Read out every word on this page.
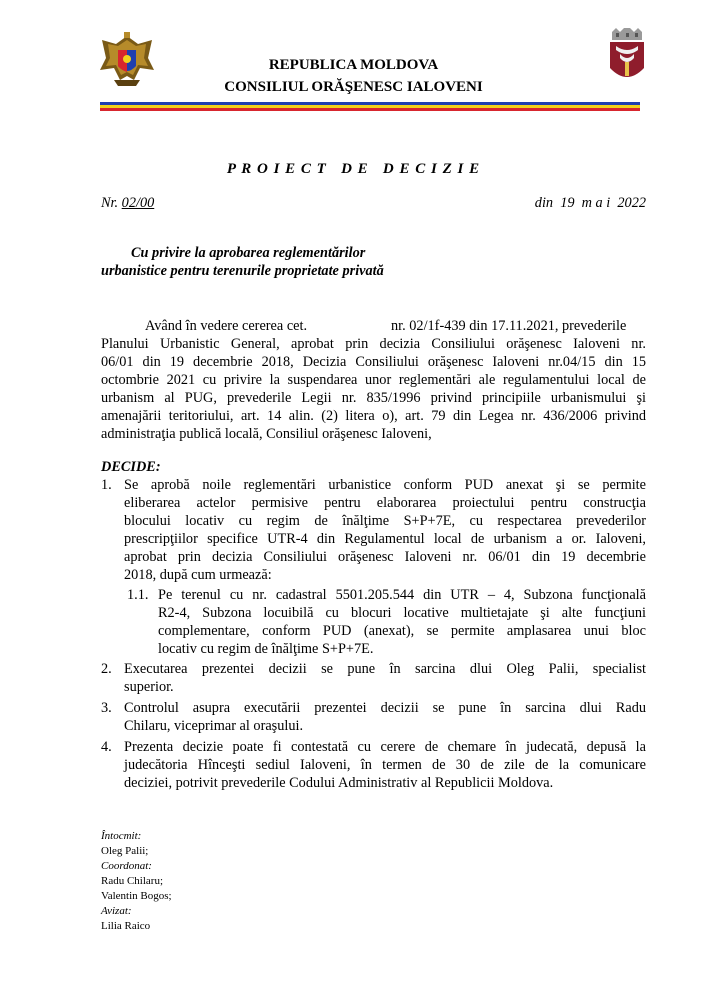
REPUBLICA MOLDOVA
CONSILIUL ORĂŞENESC IALOVENI
P R O I E C T   D E   D E C I Z I E
Nr. 02/00	din  19  m a i  2022
Cu privire la aprobarea reglementărilor
urbanistice pentru terenurile proprietate privată
Având în vedere cererea cet.	nr. 02/1f-439 din 17.11.2021, prevederile
Planului Urbanistic General, aprobat prin decizia Consiliului orăşenesc Ialoveni nr.
06/01 din 19 decembrie 2018, Decizia Consiliului orăşenesc Ialoveni nr.04/15 din 15
octombrie 2021 cu privire la suspendarea unor reglementări ale regulamentului local de
urbanism al PUG, prevederile Legii nr. 835/1996 privind principiile urbanismului şi
amenajării teritoriului, art. 14 alin. (2) litera o), art. 79 din Legea nr. 436/2006 privind
administraţia publică locală, Consiliul orăşenesc Ialoveni,
DECIDE:
1. Se aprobă noile reglementări urbanistice conform PUD anexat şi se permite
eliberarea actelor permisive pentru elaborarea proiectului pentru construcţia
blocului locativ cu regim de înălţime S+P+7E, cu respectarea prevederilor
prescripţiilor specifice UTR-4 din Regulamentul local de urbanism a or. Ialoveni,
aprobat prin decizia Consiliului orăşenesc Ialoveni nr. 06/01 din 19 decembrie
2018, după cum urmează:
1.1. Pe terenul cu nr. cadastral 5501.205.544 din UTR – 4, Subzona funcţională
R2-4, Subzona locuibilă cu blocuri locative multietajate şi alte funcţiuni
complementare, conform PUD (anexat), se permite amplasarea unui bloc
locativ cu regim de înălţime S+P+7E.
2. Executarea prezentei decizii se pune în sarcina dlui Oleg Palii, specialist
superior.
3. Controlul asupra executării prezentei decizii se pune în sarcina dlui Radu
Chilaru, viceprimar al oraşului.
4. Prezenta decizie poate fi contestată cu cerere de chemare în judecată, depusă la
judecătoria Hînceşti sediul Ialoveni, în termen de 30 de zile de la comunicare
deciziei, potrivit prevederile Codului Administrativ al Republicii Moldova.
Întocmit:
Oleg Palii;
Coordonat:
Radu Chilaru;
Valentin Bogos;
Avizat:
Lilia Raico
